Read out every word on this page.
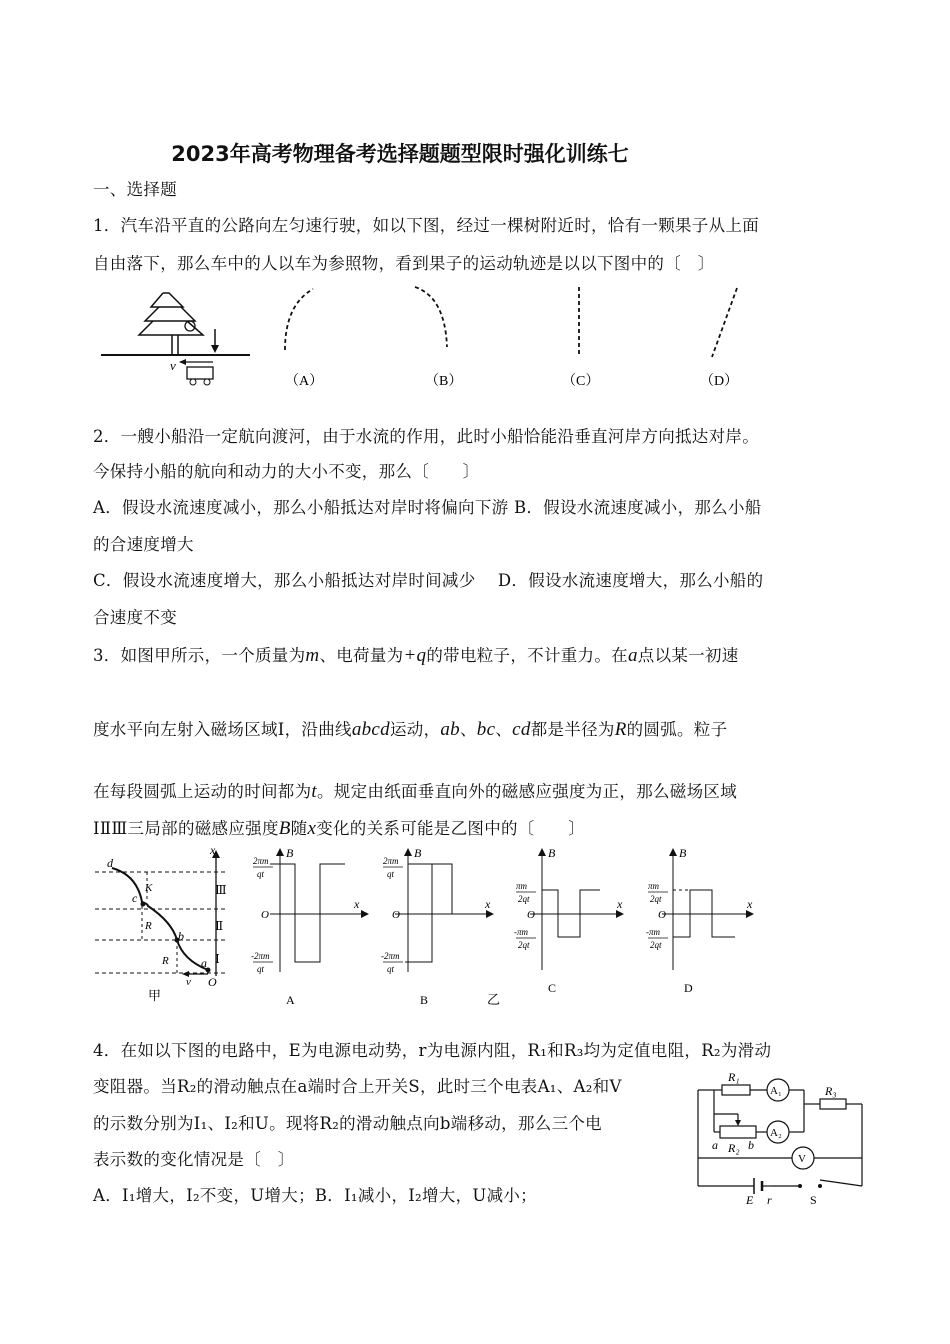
2023年高考物理备考选择题题型限时强化训练七
一、选择题
1．汽车沿平直的公路向左匀速行驶，如以下图，经过一棵树附近时，恰有一颗果子从上面
自由落下，那么车中的人以车为参照物，看到果子的运动轨迹是以以下图中的〔　〕
v
（A）	（B）	（C）	（D）
2．一艘小船沿一定航向渡河，由于水流的作用，此时小船恰能沿垂直河岸方向抵达对岸。
今保持小船的航向和动力的大小不变，那么〔　　〕
A．假设水流速度减小，那么小船抵达对岸时将偏向下游 B．假设水流速度减小，那么小船
的合速度增大
C．假设水流速度增大，那么小船抵达对岸时间减少　 D．假设水流速度增大，那么小船的
合速度不变
3．如图甲所示，一个质量为m、电荷量为+q的带电粒子，不计重力。在a点以某一初速
度水平向左射入磁场区域Ⅰ，沿曲线abcd运动，ab、bc、cd都是半径为R的圆弧。粒子
在每段圆弧上运动的时间都为t。规定由纸面垂直向外的磁感应强度为正，那么磁场区域
ⅠⅡⅢ三局部的磁感应强度B随x变化的关系可能是乙图中的〔　　〕
d
c
b
a
O
K
R
R
v
x
Ⅲ
Ⅱ
Ⅰ
甲
B
x
O
2πm
qt
-2πm
qt
A
B
x
O
2πm
qt
-2πm
qt
B	乙
B
x
O
πm
2qt
-πm
2qt
C
B
x
O
πm
2qt
-πm
2qt
D
4．在如以下图的电路中，E为电源电动势，r为电源内阻，R₁和R₃均为定值电阻，R₂为滑动
变阻器。当R₂的滑动触点在a端时合上开关S，此时三个电表A₁、A₂和V
的示数分别为I₁、I₂和U。现将R₂的滑动触点向b端移动，那么三个电
表示数的变化情况是〔　〕
A．I₁增大，I₂不变，U增大；B．I₁减小，I₂增大，U减小；
R₁
R₃
R₂
A₁
A₂
V
a	b
E r	S
